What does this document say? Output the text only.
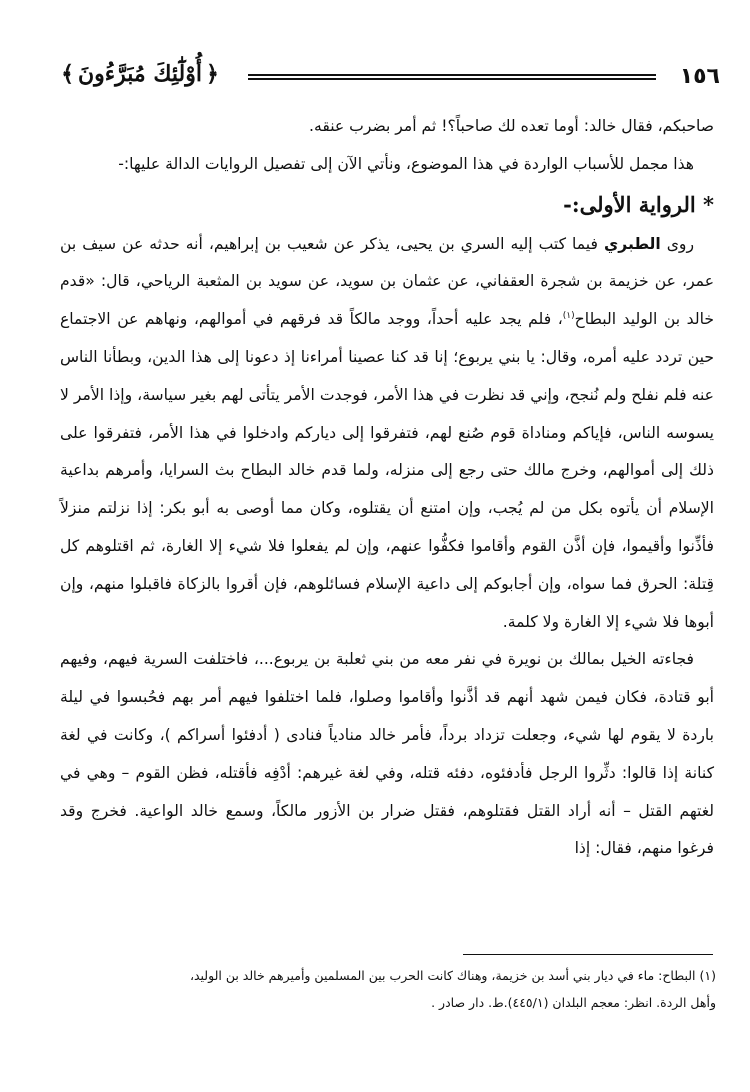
١٥٦
﴿
أُوْلَٰٓئِكَ مُبَرَّءُونَ
﴾

صاحبكم، فقال خالد: أوما تعده لك صاحباً؟! ثم أمر بضرب عنقه.

هذا مجمل للأسباب الواردة في هذا الموضوع، ونأتي الآن إلى تفصيل الروايات الدالة عليها:-

* الرواية الأولى:-

روى الطبري فيما كتب إليه السري بن يحيى، يذكر عن شعيب بن إبراهيم، أنه حدثه عن سيف بن عمر، عن خزيمة بن شجرة العقفاني، عن عثمان بن سويد، عن سويد بن المثعبة الرياحي، قال: «قدم خالد بن الوليد البطاح$^{(١)}$، فلم يجد عليه أحداً، ووجد مالكاً قد فرقهم في أموالهم، ونهاهم عن الاجتماع حين تردد عليه أمره، وقال: يا بني يربوع؛ إنا قد كنا عصينا أمراءنا إذ دعونا إلى هذا الدين، وبطأنا الناس عنه فلم نفلح ولم نُنجح، وإني قد نظرت في هذا الأمر، فوجدت الأمر يتأتى لهم بغير سياسة، وإذا الأمر لا يسوسه الناس، فإياكم ومناداة قوم صُنع لهم، فتفرقوا إلى دياركم وادخلوا في هذا الأمر، فتفرقوا على ذلك إلى أموالهم، وخرج مالك حتى رجع إلى منزله، ولما قدم خالد البطاح بث السرايا، وأمرهم بداعية الإسلام أن يأتوه بكل من لم يُجب، وإن امتنع أن يقتلوه، وكان مما أوصى به أبو بكر: إذا نزلتم منزلاً فأذِّنوا وأقيموا، فإن أذَّن القوم وأقاموا فكفُّوا عنهم، وإن لم يفعلوا فلا شيء إلا الغارة، ثم اقتلوهم كل قِتلة: الحرق فما سواه، وإن أجابوكم إلى داعية الإسلام فسائلوهم، فإن أقروا بالزكاة فاقبلوا منهم، وإن أبوها فلا شيء إلا الغارة ولا كلمة.

فجاءته الخيل بمالك بن نويرة في نفر معه من بني ثعلبة بن يربوع...، فاختلفت السرية فيهم، وفيهم أبو قتادة، فكان فيمن شهد أنهم قد أذَّنوا وأقاموا وصلوا، فلما اختلفوا فيهم أمر بهم فحُبسوا في ليلة باردة لا يقوم لها شيء، وجعلت تزداد برداً، فأمر خالد منادياً فنادى ( أدفئوا أسراكم )، وكانت في لغة كنانة إذا قالوا: دثِّروا الرجل فأدفئوه، دفئه قتله، وفي لغة غيرهم: أدْفِه فأقتله، فظن القوم – وهي في لغتهم القتل – أنه أراد القتل فقتلوهم، فقتل ضرار بن الأزور مالكاً، وسمع خالد الواعية. فخرج وقد فرغوا منهم، فقال: إذا

(١) البطاح: ماء في ديار بني أسد بن خزيمة، وهناك كانت الحرب بين المسلمين وأميرهم خالد بن الوليد،

وأهل الردة. انظر: معجم البلدان (٤٤٥/١).ط. دار صادر .
